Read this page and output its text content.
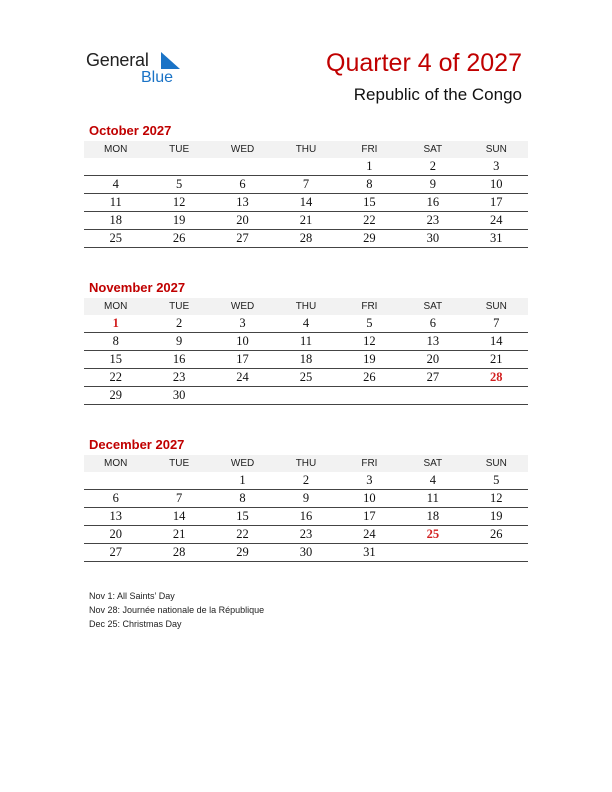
General
Blue
Quarter 4 of 2027
Republic of the Congo
October 2027
MON	TUE	WED	THU	FRI	SAT	SUN
				1	2	3
4	5	6	7	8	9	10
11	12	13	14	15	16	17
18	19	20	21	22	23	24
25	26	27	28	29	30	31
November 2027
MON	TUE	WED	THU	FRI	SAT	SUN
1	2	3	4	5	6	7
8	9	10	11	12	13	14
15	16	17	18	19	20	21
22	23	24	25	26	27	28
29	30					
December 2027
MON	TUE	WED	THU	FRI	SAT	SUN
		1	2	3	4	5
6	7	8	9	10	11	12
13	14	15	16	17	18	19
20	21	22	23	24	25	26
27	28	29	30	31		
Nov 1: All Saints’ Day
Nov 28: Journée nationale de la République
Dec 25: Christmas Day
